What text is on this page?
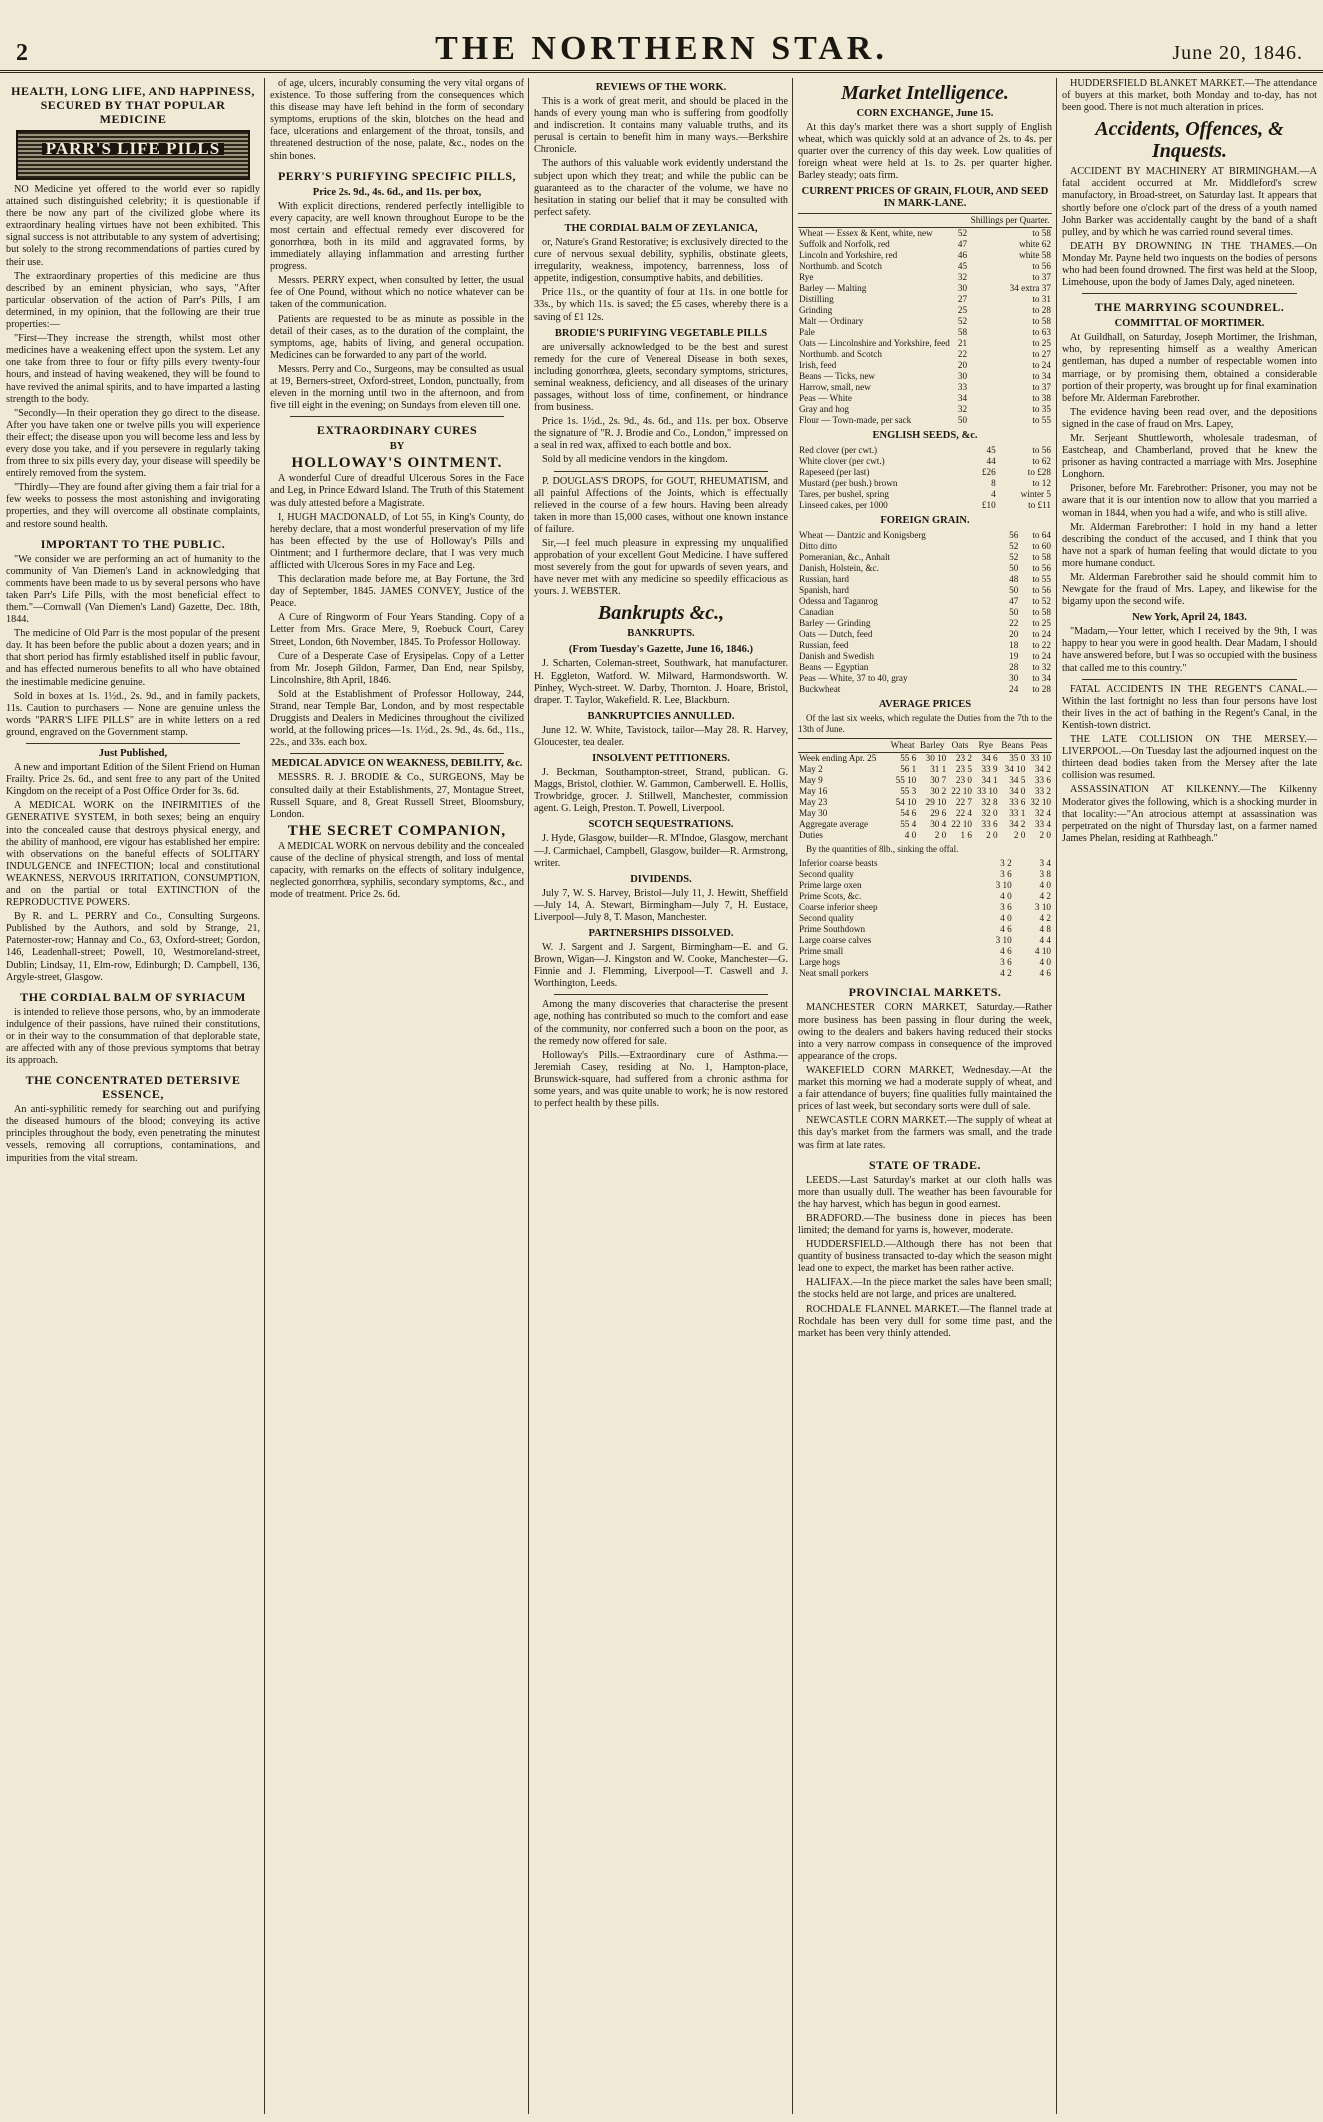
2	THE NORTHERN STAR.	June 20, 1846.
HEALTH, LONG LIFE, AND HAPPINESS, SECURED BY THAT POPULAR MEDICINE
PARR'S LIFE PILLS

NO Medicine yet offered to the world ever so rapidly attained such distinguished celebrity; it is questionable if there be now any part of the civilized globe where its extraordinary healing virtues have not been exhibited. This signal success is not attributable to any system of advertising; but solely to the strong recommendations of parties cured by their use.

The extraordinary properties of this medicine are thus described by an eminent physician, who says, "After particular observation of the action of Parr's Pills, I am determined, in my opinion, that the following are their true properties:—

"First—They increase the strength, whilst most other medicines have a weakening effect upon the system. Let any one take from three to four or fifty pills every twenty-four hours, and instead of having weakened, they will be found to have revived the animal spirits, and to have imparted a lasting strength to the body.

"Secondly—In their operation they go direct to the disease. After you have taken one or twelve pills you will experience their effect; the disease upon you will become less and less by every dose you take, and if you persevere in regularly taking from three to six pills every day, your disease will speedily be entirely removed from the system.

"Thirdly—They are found after giving them a fair trial for a few weeks to possess the most astonishing and invigorating properties, and they will overcome all obstinate complaints, and restore sound health.

IMPORTANT TO THE PUBLIC.

"We consider we are performing an act of humanity to the community of Van Diemen's Land in acknowledging that comments have been made to us by several persons who have taken Parr's Life Pills, with the most beneficial effect to them."—Cornwall (Van Diemen's Land) Gazette, Dec. 18th, 1844.

The medicine of Old Parr is the most popular of the present day. It has been before the public about a dozen years; and in that short period has firmly established itself in public favour, and has effected numerous benefits to all who have obtained the inestimable medicine genuine.

Sold in boxes at 1s. 1½d., 2s. 9d., and in family packets, 11s. Caution to purchasers — None are genuine unless the words "PARR'S LIFE PILLS" are in white letters on a red ground, engraved on the Government stamp.

Just Published,

A new and important Edition of the Silent Friend on Human Frailty. Price 2s. 6d., and sent free to any part of the United Kingdom on the receipt of a Post Office Order for 3s. 6d.

A MEDICAL WORK on the INFIRMITIES of the GENERATIVE SYSTEM, in both sexes; being an enquiry into the concealed cause that destroys physical energy, and the ability of manhood, ere vigour has established her empire: with observations on the baneful effects of SOLITARY INDULGENCE and INFECTION; local and constitutional WEAKNESS, NERVOUS IRRITATION, CONSUMPTION, and on the partial or total EXTINCTION of the REPRODUCTIVE POWERS.

By R. and L. PERRY and Co., Consulting Surgeons. Published by the Authors, and sold by Strange, 21, Paternoster-row; Hannay and Co., 63, Oxford-street; Gordon, 146, Leadenhall-street; Powell, 10, Westmoreland-street, Dublin; Lindsay, 11, Elm-row, Edinburgh; D. Campbell, 136, Argyle-street, Glasgow.

THE CORDIAL BALM OF SYRIACUM

is intended to relieve those persons, who, by an immoderate indulgence of their passions, have ruined their constitutions, or in their way to the consummation of that deplorable state, are affected with any of those previous symptoms that betray its approach.

THE CONCENTRATED DETERSIVE ESSENCE,

An anti-syphilitic remedy for searching out and purifying the diseased humours of the blood; conveying its active principles throughout the body, even penetrating the minutest vessels, removing all corruptions, contaminations, and impurities from the vital stream.

of age, ulcers, incurably consuming the very vital organs of existence. To those suffering from the consequences which this disease may have left behind in the form of secondary symptoms, eruptions of the skin, blotches on the head and face, ulcerations and enlargement of the throat, tonsils, and threatened destruction of the nose, palate, &c., nodes on the shin bones.

PERRY'S PURIFYING SPECIFIC PILLS,
Price 2s. 9d., 4s. 6d., and 11s. per box,

With explicit directions, rendered perfectly intelligible to every capacity, are well known throughout Europe to be the most certain and effectual remedy ever discovered for gonorrhœa, both in its mild and aggravated forms, by immediately allaying inflammation and arresting further progress.

Messrs. PERRY expect, when consulted by letter, the usual fee of One Pound, without which no notice whatever can be taken of the communication.

Patients are requested to be as minute as possible in the detail of their cases, as to the duration of the complaint, the symptoms, age, habits of living, and general occupation. Medicines can be forwarded to any part of the world.

Messrs. Perry and Co., Surgeons, may be consulted as usual at 19, Berners-street, Oxford-street, London, punctually, from eleven in the morning until two in the afternoon, and from five till eight in the evening; on Sundays from eleven till one.

EXTRAORDINARY CURES
BY
HOLLOWAY'S OINTMENT.

A wonderful Cure of dreadful Ulcerous Sores in the Face and Leg, in Prince Edward Island. The Truth of this Statement was duly attested before a Magistrate.

I, HUGH MACDONALD, of Lot 55, in King's County, do hereby declare, that a most wonderful preservation of my life has been effected by the use of Holloway's Pills and Ointment; and I furthermore declare, that I was very much afflicted with Ulcerous Sores in my Face and Leg.

This declaration made before me, at Bay Fortune, the 3rd day of September, 1845. JAMES CONVEY, Justice of the Peace.

A Cure of Ringworm of Four Years Standing. Copy of a Letter from Mrs. Grace Mere, 9, Roebuck Court, Carey Street, London, 6th November, 1845. To Professor Holloway.

Cure of a Desperate Case of Erysipelas. Copy of a Letter from Mr. Joseph Gildon, Farmer, Dan End, near Spilsby, Lincolnshire, 8th April, 1846.

Sold at the Establishment of Professor Holloway, 244, Strand, near Temple Bar, London, and by most respectable Druggists and Dealers in Medicines throughout the civilized world, at the following prices—1s. 1½d., 2s. 9d., 4s. 6d., 11s., 22s., and 33s. each box.

MEDICAL ADVICE ON WEAKNESS, DEBILITY, &c.

MESSRS. R. J. BRODIE & Co., SURGEONS, May be consulted daily at their Establishments, 27, Montague Street, Russell Square, and 8, Great Russell Street, Bloomsbury, London.

THE SECRET COMPANION,

A MEDICAL WORK on nervous debility and the concealed cause of the decline of physical strength, and loss of mental capacity, with remarks on the effects of solitary indulgence, neglected gonorrhœa, syphilis, secondary symptoms, &c., and mode of treatment. Price 2s. 6d.

REVIEWS OF THE WORK.

This is a work of great merit, and should be placed in the hands of every young man who is suffering from goodfolly and indiscretion. It contains many valuable truths, and its perusal is certain to benefit him in many ways.—Berkshire Chronicle.

The authors of this valuable work evidently understand the subject upon which they treat; and while the public can be guaranteed as to the character of the volume, we have no hesitation in stating our belief that it may be consulted with perfect safety.

THE CORDIAL BALM OF ZEYLANICA,

or, Nature's Grand Restorative; is exclusively directed to the cure of nervous sexual debility, syphilis, obstinate gleets, irregularity, weakness, impotency, barrenness, loss of appetite, indigestion, consumptive habits, and debilities.

Price 11s., or the quantity of four at 11s. in one bottle for 33s., by which 11s. is saved; the £5 cases, whereby there is a saving of £1 12s.

BRODIE'S PURIFYING VEGETABLE PILLS

are universally acknowledged to be the best and surest remedy for the cure of Venereal Disease in both sexes, including gonorrhœa, gleets, secondary symptoms, strictures, seminal weakness, deficiency, and all diseases of the urinary passages, without loss of time, confinement, or hindrance from business.

Price 1s. 1½d., 2s. 9d., 4s. 6d., and 11s. per box. Observe the signature of "R. J. Brodie and Co., London," impressed on a seal in red wax, affixed to each bottle and box.

Sold by all medicine vendors in the kingdom.

P. DOUGLAS'S DROPS, for GOUT, RHEUMATISM, and all painful Affections of the Joints, which is effectually relieved in the course of a few hours. Having been already taken in more than 15,000 cases, without one known instance of failure.

Sir,—I feel much pleasure in expressing my unqualified approbation of your excellent Gout Medicine. I have suffered most severely from the gout for upwards of seven years, and have never met with any medicine so speedily efficacious as yours. J. WEBSTER.

Bankrupts &c.,
BANKRUPTS.
(From Tuesday's Gazette, June 16, 1846.)

J. Scharten, Coleman-street, Southwark, hat manufacturer. H. Eggleton, Watford. W. Milward, Harmondsworth. W. Pinhey, Wych-street. W. Darby, Thornton. J. Hoare, Bristol, draper. T. Taylor, Wakefield. R. Lee, Blackburn.

BANKRUPTCIES ANNULLED.

June 12. W. White, Tavistock, tailor—May 28. R. Harvey, Gloucester, tea dealer.

INSOLVENT PETITIONERS.

J. Beckman, Southampton-street, Strand, publican. G. Maggs, Bristol, clothier. W. Gammon, Camberwell. E. Hollis, Trowbridge, grocer. J. Stillwell, Manchester, commission agent. G. Leigh, Preston. T. Powell, Liverpool.

SCOTCH SEQUESTRATIONS.

J. Hyde, Glasgow, builder—R. M'Indoe, Glasgow, merchant—J. Carmichael, Campbell, Glasgow, builder—R. Armstrong, writer.

DIVIDENDS.

July 7, W. S. Harvey, Bristol—July 11, J. Hewitt, Sheffield—July 14, A. Stewart, Birmingham—July 7, H. Eustace, Liverpool—July 8, T. Mason, Manchester.

PARTNERSHIPS DISSOLVED.

W. J. Sargent and J. Sargent, Birmingham—E. and G. Brown, Wigan—J. Kingston and W. Cooke, Manchester—G. Finnie and J. Flemming, Liverpool—T. Caswell and J. Worthington, Leeds.

Among the many discoveries that characterise the present age, nothing has contributed so much to the comfort and ease of the community, nor conferred such a boon on the poor, as the remedy now offered for sale.

Holloway's Pills.—Extraordinary cure of Asthma.—Jeremiah Casey, residing at No. 1, Hampton-place, Brunswick-square, had suffered from a chronic asthma for some years, and was quite unable to work; he is now restored to perfect health by these pills.

Market Intelligence.
CORN EXCHANGE, June 15.

At this day's market there was a short supply of English wheat, which was quickly sold at an advance of 2s. to 4s. per quarter over the currency of this day week. Low qualities of foreign wheat were held at 1s. to 2s. per quarter higher. Barley steady; oats firm.

CURRENT PRICES OF GRAIN, FLOUR, AND SEED IN MARK-LANE.
		Shillings per Quarter.
Wheat — Essex & Kent, white, new	52	to 58
Suffolk and Norfolk, red	47	white 62
Lincoln and Yorkshire, red	46	white 58
Northumb. and Scotch	45	to 56
Rye	32	to 37
Barley — Malting	30	34 extra 37
Distilling	27	to 31
Grinding	25	to 28
Malt — Ordinary	52	to 58
Pale	58	to 63
Oats — Lincolnshire and Yorkshire, feed	21	to 25
Northumb. and Scotch	22	to 27
Irish, feed	20	to 24
Beans — Ticks, new	30	to 34
Harrow, small, new	33	to 37
Peas — White	34	to 38
Gray and hog	32	to 35
Flour — Town-made, per sack	50	to 55
ENGLISH SEEDS, &c.
Red clover (per cwt.)	45	to 56
White clover (per cwt.)	44	to 62
Rapeseed (per last)	£26	to £28
Mustard (per bush.) brown	8	to 12
Tares, per bushel, spring	4	winter 5
Linseed cakes, per 1000	£10	to £11
FOREIGN GRAIN.
Wheat — Dantzic and Konigsberg	56	to 64
Ditto ditto	52	to 60
Pomeranian, &c., Anhalt	52	to 58
Danish, Holstein, &c.	50	to 56
Russian, hard	48	to 55
Spanish, hard	50	to 56
Odessa and Taganrog	47	to 52
Canadian	50	to 58
Barley — Grinding	22	to 25
Oats — Dutch, feed	20	to 24
Russian, feed	18	to 22
Danish and Swedish	19	to 24
Beans — Egyptian	28	to 32
Peas — White, 37 to 40, gray	30	to 34
Buckwheat	24	to 28
AVERAGE PRICES

Of the last six weeks, which regulate the Duties from the 7th to the 13th of June.

	Wheat	Barley	Oats	Rye	Beans	Peas
Week ending Apr. 25	55 6	30 10	23 2	34 6	35 0	33 10
May 2	56 1	31 1	23 5	33 9	34 10	34 2
May 9	55 10	30 7	23 0	34 1	34 5	33 6
May 16	55 3	30 2	22 10	33 10	34 0	33 2
May 23	54 10	29 10	22 7	32 8	33 6	32 10
May 30	54 6	29 6	22 4	32 0	33 1	32 4
Aggregate average	55 4	30 4	22 10	33 6	34 2	33 4
Duties	4 0	2 0	1 6	2 0	2 0	2 0

By the quantities of 8lb., sinking the offal.

Inferior coarse beasts	3 2	3 4
Second quality	3 6	3 8
Prime large oxen	3 10	4 0
Prime Scots, &c.	4 0	4 2
Coarse inferior sheep	3 6	3 10
Second quality	4 0	4 2
Prime Southdown	4 6	4 8
Large coarse calves	3 10	4 4
Prime small	4 6	4 10
Large hogs	3 6	4 0
Neat small porkers	4 2	4 6
PROVINCIAL MARKETS.

MANCHESTER CORN MARKET, Saturday.—Rather more business has been passing in flour during the week, owing to the dealers and bakers having reduced their stocks into a very narrow compass in consequence of the improved appearance of the crops.

WAKEFIELD CORN MARKET, Wednesday.—At the market this morning we had a moderate supply of wheat, and a fair attendance of buyers; fine qualities fully maintained the prices of last week, but secondary sorts were dull of sale.

NEWCASTLE CORN MARKET.—The supply of wheat at this day's market from the farmers was small, and the trade was firm at late rates.

STATE OF TRADE.

LEEDS.—Last Saturday's market at our cloth halls was more than usually dull. The weather has been favourable for the hay harvest, which has begun in good earnest.

BRADFORD.—The business done in pieces has been limited; the demand for yarns is, however, moderate.

HUDDERSFIELD.—Although there has not been that quantity of business transacted to-day which the season might lead one to expect, the market has been rather active.

HALIFAX.—In the piece market the sales have been small; the stocks held are not large, and prices are unaltered.

ROCHDALE FLANNEL MARKET.—The flannel trade at Rochdale has been very dull for some time past, and the market has been very thinly attended.

HUDDERSFIELD BLANKET MARKET.—The attendance of buyers at this market, both Monday and to-day, has not been good. There is not much alteration in prices.

Accidents, Offences, & Inquests.

ACCIDENT BY MACHINERY AT BIRMINGHAM.—A fatal accident occurred at Mr. Middleford's screw manufactory, in Broad-street, on Saturday last. It appears that shortly before one o'clock part of the dress of a youth named John Barker was accidentally caught by the band of a shaft pulley, and by which he was carried round several times.

DEATH BY DROWNING IN THE THAMES.—On Monday Mr. Payne held two inquests on the bodies of persons who had been found drowned. The first was held at the Sloop, Limehouse, upon the body of James Daly, aged nineteen.

THE MARRYING SCOUNDREL.
COMMITTAL OF MORTIMER.

At Guildhall, on Saturday, Joseph Mortimer, the Irishman, who, by representing himself as a wealthy American gentleman, has duped a number of respectable women into marriage, or by promising them, obtained a considerable portion of their property, was brought up for final examination before Mr. Alderman Farebrother.

The evidence having been read over, and the depositions signed in the case of fraud on Mrs. Lapey,

Mr. Serjeant Shuttleworth, wholesale tradesman, of Eastcheap, and Chamberland, proved that he knew the prisoner as having contracted a marriage with Mrs. Josephine Longhorn.

Prisoner, before Mr. Farebrother: Prisoner, you may not be aware that it is our intention now to allow that you married a woman in 1844, when you had a wife, and who is still alive.

Mr. Alderman Farebrother: I hold in my hand a letter describing the conduct of the accused, and I think that you have not a spark of human feeling that would dictate to you more humane conduct.

Mr. Alderman Farebrother said he should commit him to Newgate for the fraud of Mrs. Lapey, and likewise for the bigamy upon the second wife.

New York, April 24, 1843.

"Madam,—Your letter, which I received by the 9th, I was happy to hear you were in good health. Dear Madam, I should have answered before, but I was so occupied with the business that called me to this country."

FATAL ACCIDENTS IN THE REGENT'S CANAL.—Within the last fortnight no less than four persons have lost their lives in the act of bathing in the Regent's Canal, in the Kentish-town district.

THE LATE COLLISION ON THE MERSEY.—LIVERPOOL.—On Tuesday last the adjourned inquest on the thirteen dead bodies taken from the Mersey after the late collision was resumed.

ASSASSINATION AT KILKENNY.—The Kilkenny Moderator gives the following, which is a shocking murder in that locality:—"An atrocious attempt at assassination was perpetrated on the night of Thursday last, on a farmer named James Phelan, residing at Rathbeagh."
